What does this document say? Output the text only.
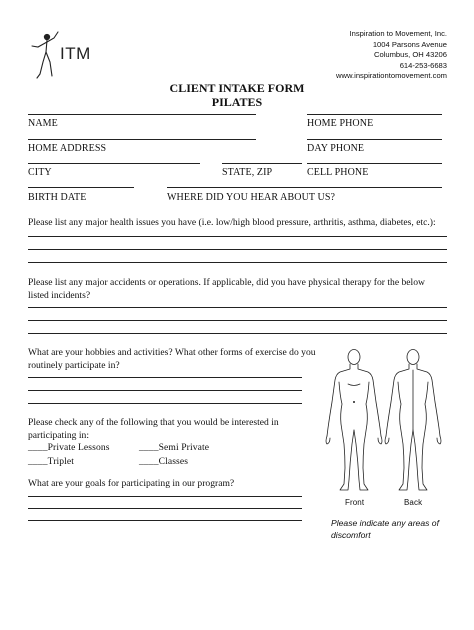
ITM
Inspiration to Movement, Inc.
1004 Parsons Avenue
Columbus, OH 43206
614-253-6683
www.inspirationtomovement.com
CLIENT INTAKE FORM
PILATES
NAME	HOME PHONE
HOME ADDRESS	DAY PHONE
CITY	STATE, ZIP	CELL PHONE
BIRTH DATE	WHERE DID YOU HEAR ABOUT US?
Please list any major health issues you have (i.e. low/high blood pressure, arthritis, asthma, diabetes, etc.):
Please list any major accidents or operations. If applicable, did you have physical therapy for the below listed incidents?
What are your hobbies and activities? What other forms of exercise do you routinely participate in?
Please check any of the following that you would be interested in participating in:
____Private Lessons	____Semi Private
____Triplet	____Classes
What are your goals for participating in our program?
Front	Back
Please indicate any areas of discomfort
